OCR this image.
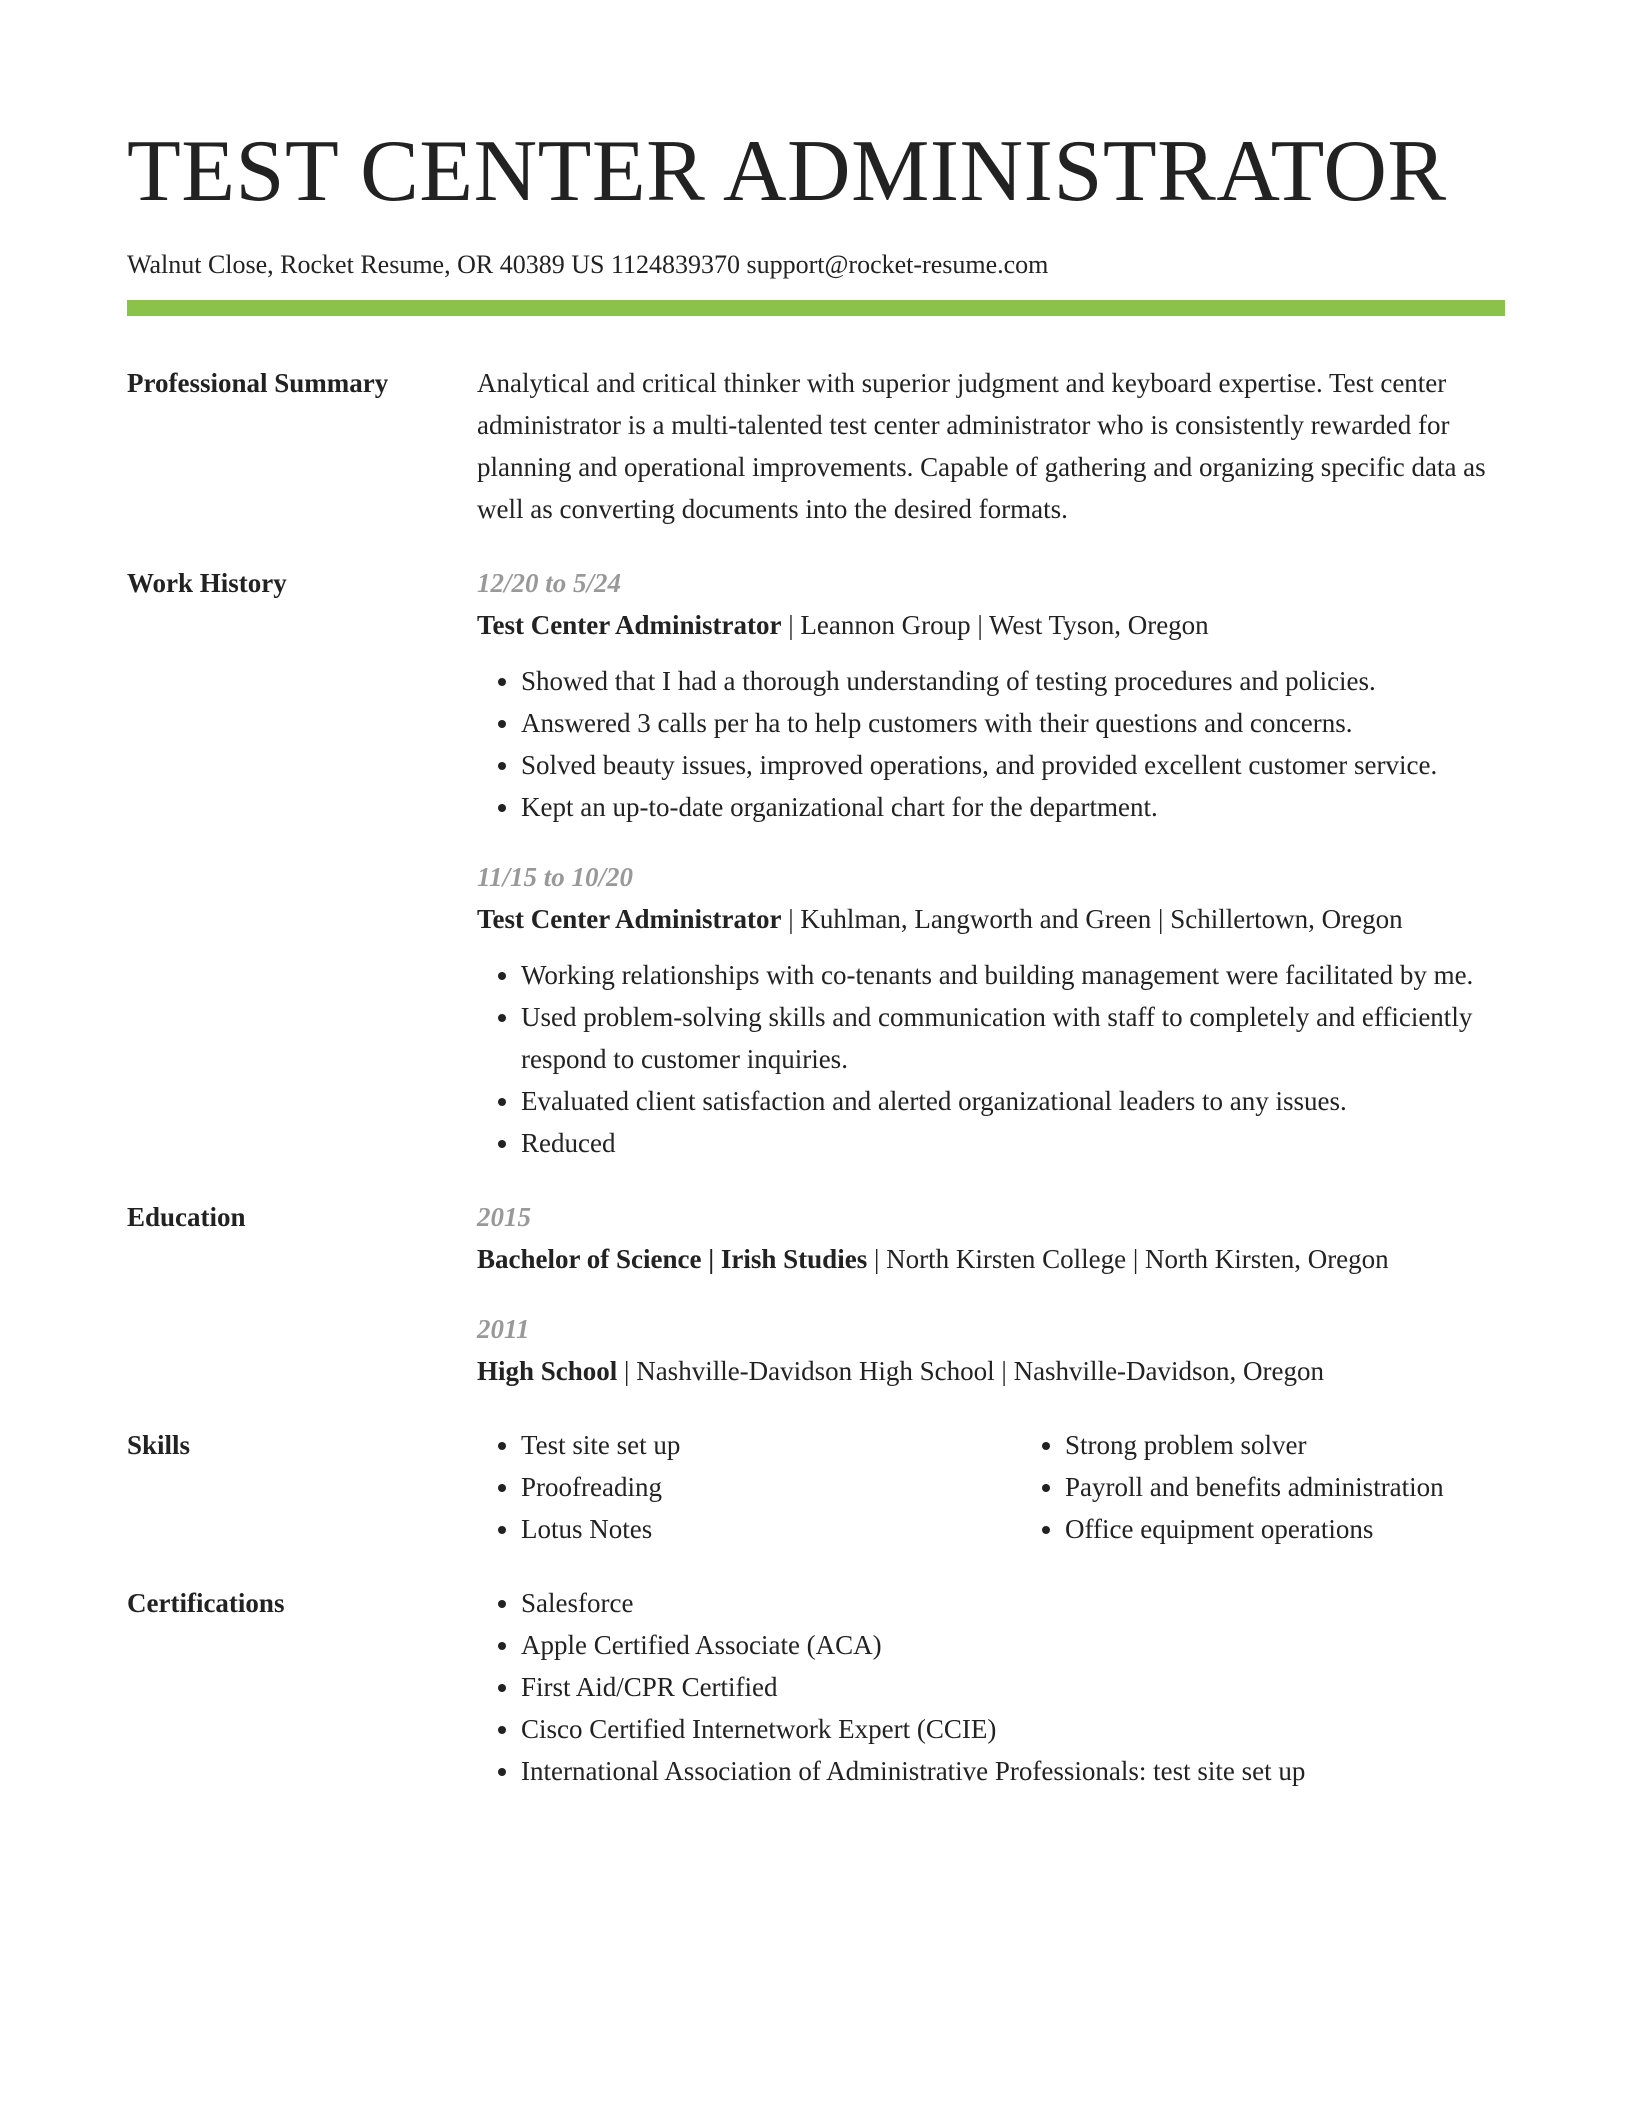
TEST CENTER ADMINISTRATOR
Walnut Close, Rocket Resume, OR 40389 US 1124839370 support@rocket-resume.com
Professional Summary	Analytical and critical thinker with superior judgment and keyboard expertise. Test center administrator is a multi-talented test center administrator who is consistently rewarded for planning and operational improvements. Capable of gathering and organizing specific data as well as converting documents into the desired formats.
Work History	12/20 to 5/24
Test Center Administrator | Leannon Group | West Tyson, Oregon
• Showed that I had a thorough understanding of testing procedures and policies.
• Answered 3 calls per ha to help customers with their questions and concerns.
• Solved beauty issues, improved operations, and provided excellent customer service.
• Kept an up-to-date organizational chart for the department.
11/15 to 10/20
Test Center Administrator | Kuhlman, Langworth and Green | Schillertown, Oregon
• Working relationships with co-tenants and building management were facilitated by me.
• Used problem-solving skills and communication with staff to completely and efficiently respond to customer inquiries.
• Evaluated client satisfaction and alerted organizational leaders to any issues.
• Reduced
Education	2015
Bachelor of Science | Irish Studies | North Kirsten College | North Kirsten, Oregon
2011
High School | Nashville-Davidson High School | Nashville-Davidson, Oregon
Skills	• Test site set up
• Proofreading
• Lotus Notes
• Strong problem solver
• Payroll and benefits administration
• Office equipment operations
Certifications	• Salesforce
• Apple Certified Associate (ACA)
• First Aid/CPR Certified
• Cisco Certified Internetwork Expert (CCIE)
• International Association of Administrative Professionals: test site set up
